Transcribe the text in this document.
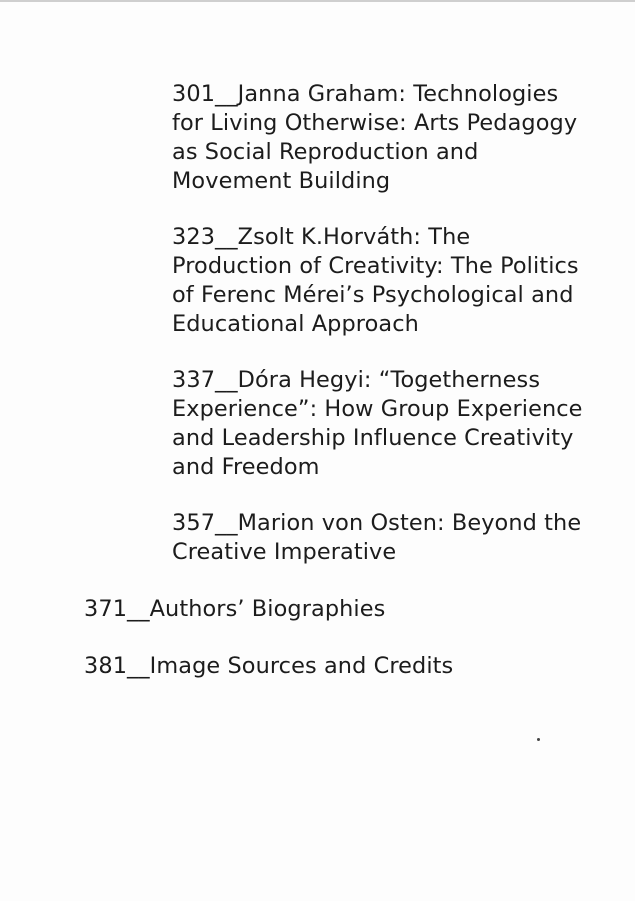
301__Janna Graham: Technologies
for Living Otherwise: Arts Pedagogy
as Social Reproduction and
Movement Building
323__Zsolt K.Horváth: The
Production of Creativity: The Politics
of Ferenc Mérei’s Psychological and
Educational Approach
337__Dóra Hegyi: “Togetherness
Experience”: How Group Experience
and Leadership Influence Creativity
and Freedom
357__Marion von Osten: Beyond the
Creative Imperative
371__Authors’ Biographies
381__Image Sources and Credits
